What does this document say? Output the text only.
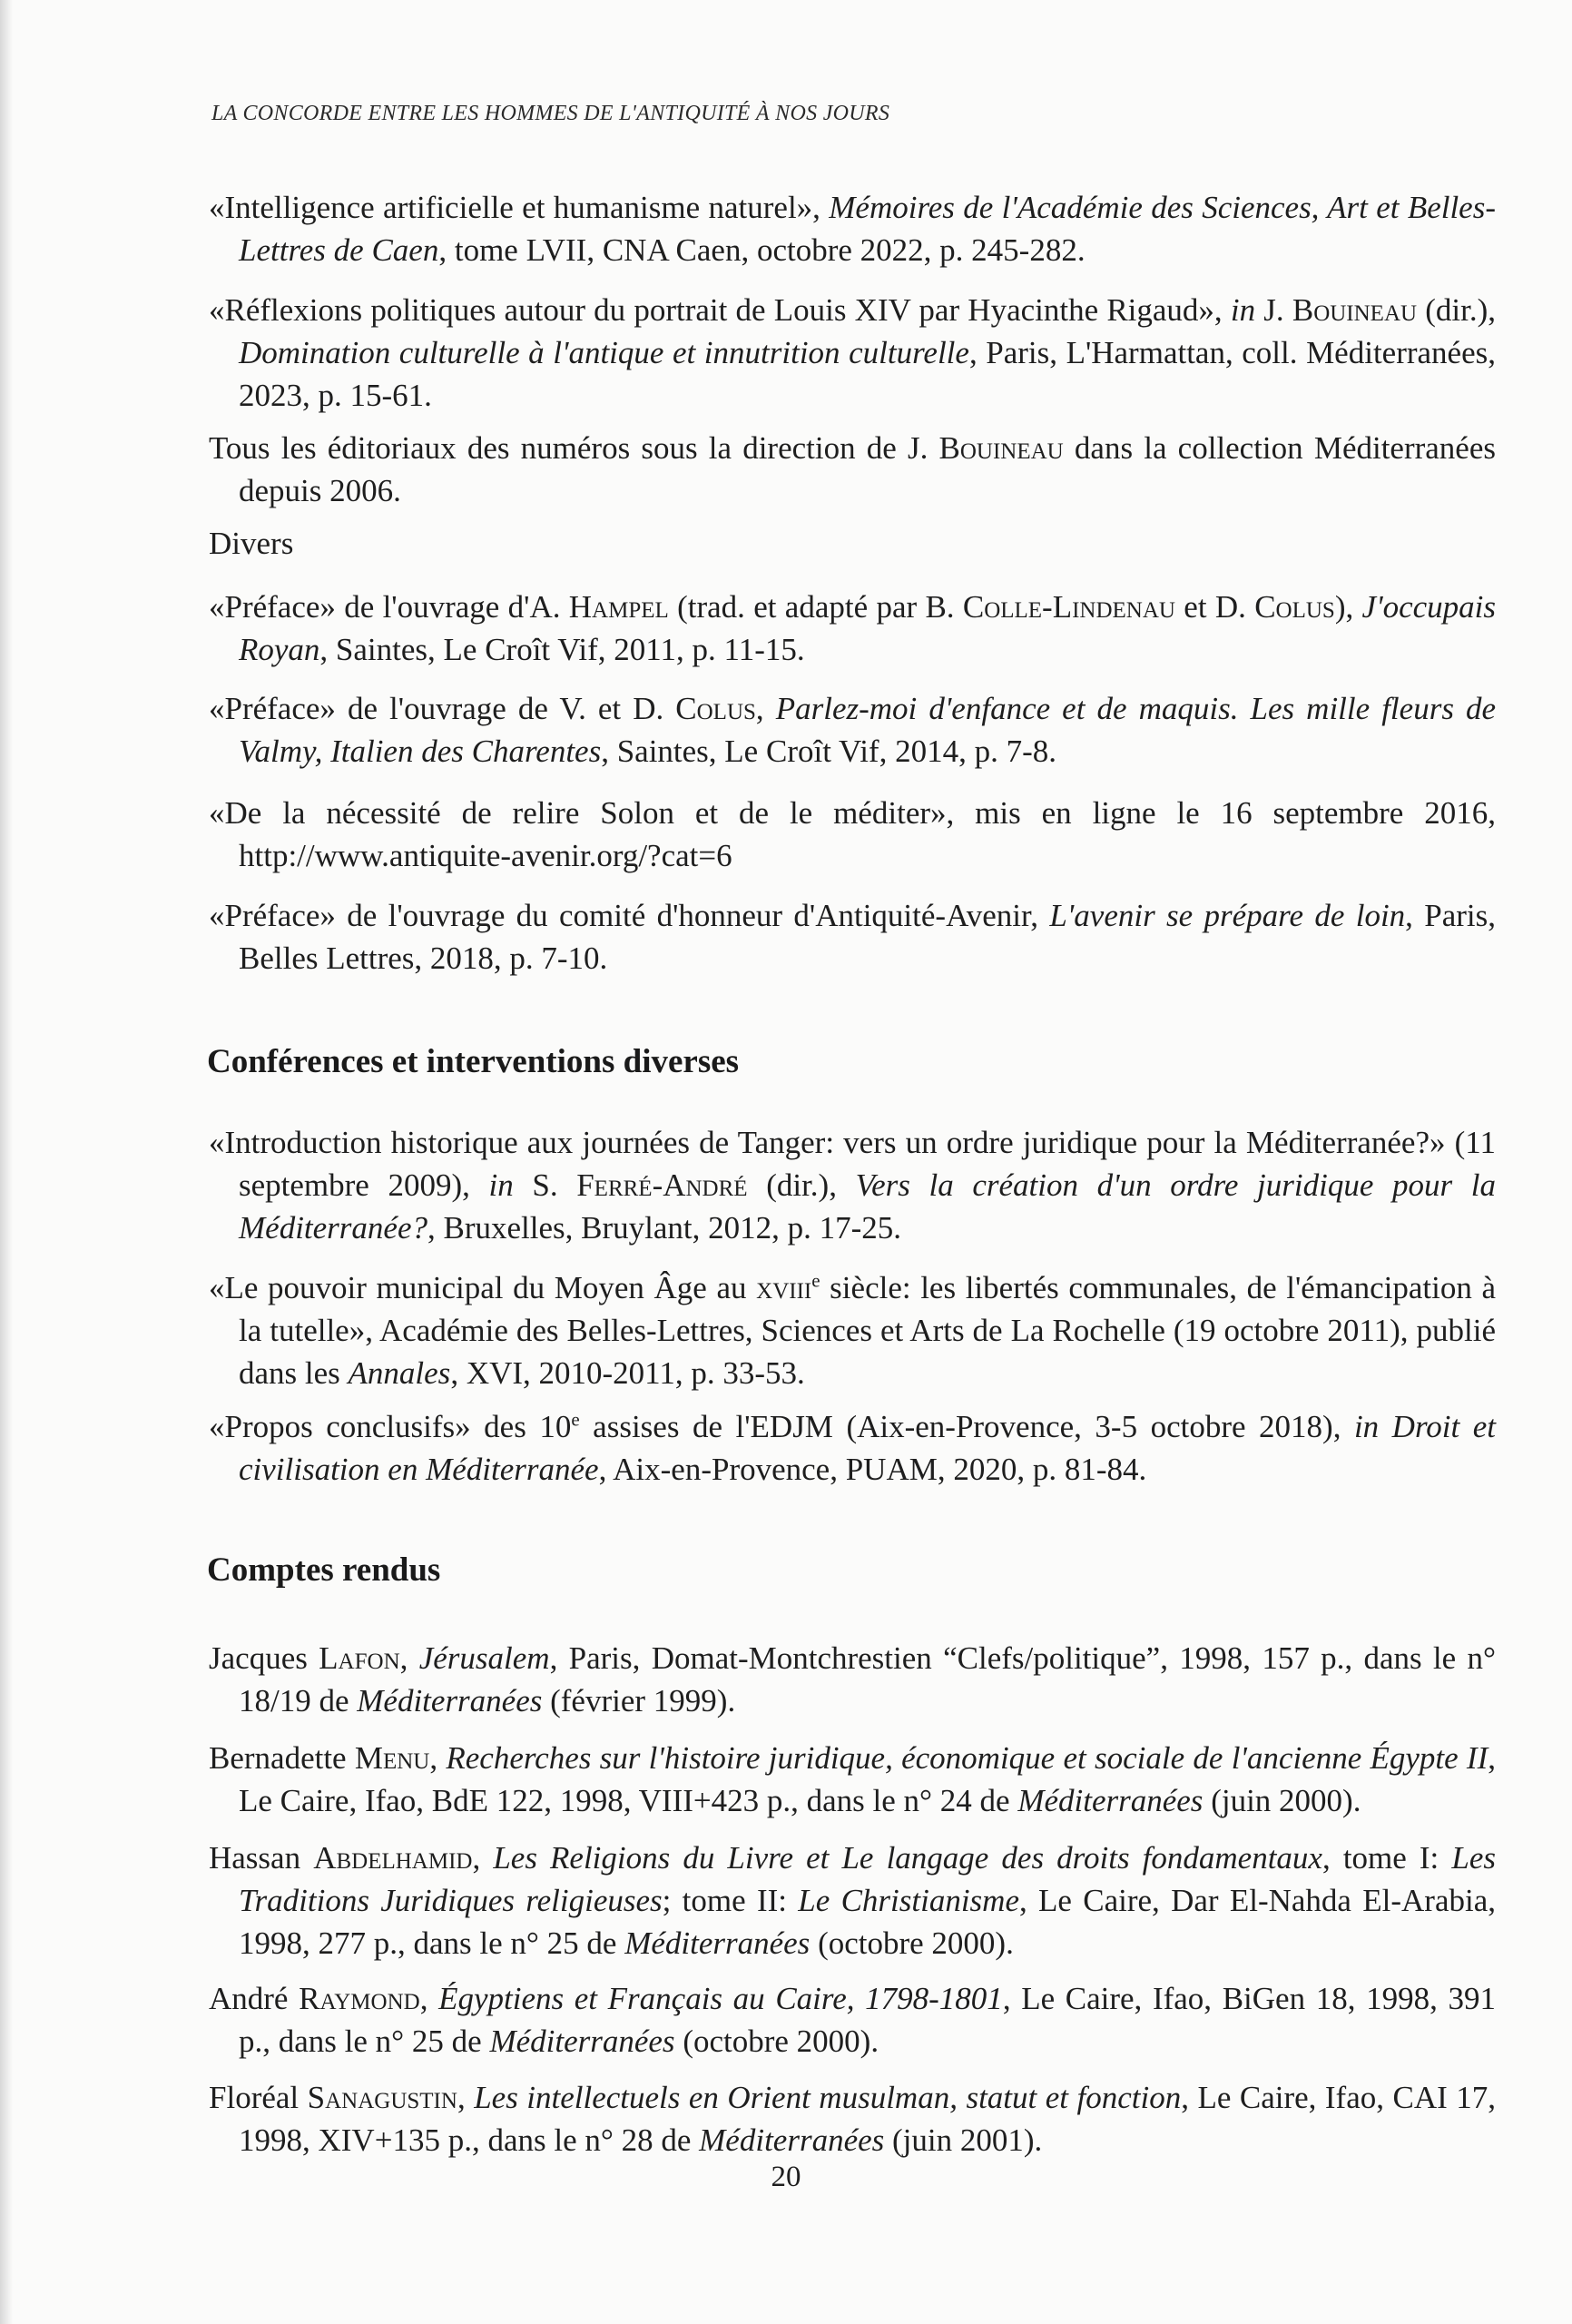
LA CONCORDE ENTRE LES HOMMES DE L'ANTIQUITÉ À NOS JOURS

«Intelligence artificielle et humanisme naturel», Mémoires de l'Académie des Sciences, Art et Belles-Lettres de Caen, tome LVII, CNA Caen, octobre 2022, p. 245-282.

«Réflexions politiques autour du portrait de Louis XIV par Hyacinthe Rigaud», in J. Bouineau (dir.), Domination culturelle à l'antique et innutrition culturelle, Paris, L'Harmattan, coll. Méditerranées, 2023, p. 15-61.

Tous les éditoriaux des numéros sous la direction de J. Bouineau dans la collection Méditerranées depuis 2006.

Divers

«Préface» de l'ouvrage d'A. Hampel (trad. et adapté par B. Colle-Lindenau et D. Colus), J'occupais Royan, Saintes, Le Croît Vif, 2011, p. 11-15.

«Préface» de l'ouvrage de V. et D. Colus, Parlez-moi d'enfance et de maquis. Les mille fleurs de Valmy, Italien des Charentes, Saintes, Le Croît Vif, 2014, p. 7-8.

«De la nécessité de relire Solon et de le méditer», mis en ligne le 16 septembre 2016, http://www.antiquite-avenir.org/?cat=6

«Préface» de l'ouvrage du comité d'honneur d'Antiquité-Avenir, L'avenir se prépare de loin, Paris, Belles Lettres, 2018, p. 7-10.

Conférences et interventions diverses

«Introduction historique aux journées de Tanger: vers un ordre juridique pour la Méditerranée?» (11 septembre 2009), in S. Ferré-André (dir.), Vers la création d'un ordre juridique pour la Méditerranée?, Bruxelles, Bruylant, 2012, p. 17-25.

«Le pouvoir municipal du Moyen Âge au xviii$^e$ siècle: les libertés communales, de l'émancipation à la tutelle», Académie des Belles-Lettres, Sciences et Arts de La Rochelle (19 octobre 2011), publié dans les Annales, XVI, 2010-2011, p. 33-53.

«Propos conclusifs» des 10e assises de l'EDJM (Aix-en-Provence, 3-5 octobre 2018), in Droit et civilisation en Méditerranée, Aix-en-Provence, PUAM, 2020, p. 81-84.

Comptes rendus

Jacques Lafon, Jérusalem, Paris, Domat-Montchrestien “Clefs/politique”, 1998, 157 p., dans le n° 18/19 de Méditerranées (février 1999).

Bernadette Menu, Recherches sur l'histoire juridique, économique et sociale de l'ancienne Égypte II, Le Caire, Ifao, BdE 122, 1998, VIII+423 p., dans le n° 24 de Méditerranées (juin 2000).

Hassan Abdelhamid, Les Religions du Livre et Le langage des droits fondamentaux, tome I: Les Traditions Juridiques religieuses; tome II: Le Christianisme, Le Caire, Dar El-Nahda El-Arabia, 1998, 277 p., dans le n° 25 de Méditerranées (octobre 2000).

André Raymond, Égyptiens et Français au Caire, 1798-1801, Le Caire, Ifao, BiGen 18, 1998, 391 p., dans le n° 25 de Méditerranées (octobre 2000).

Floréal Sanagustin, Les intellectuels en Orient musulman, statut et fonction, Le Caire, Ifao, CAI 17, 1998, XIV+135 p., dans le n° 28 de Méditerranées (juin 2001).

20
